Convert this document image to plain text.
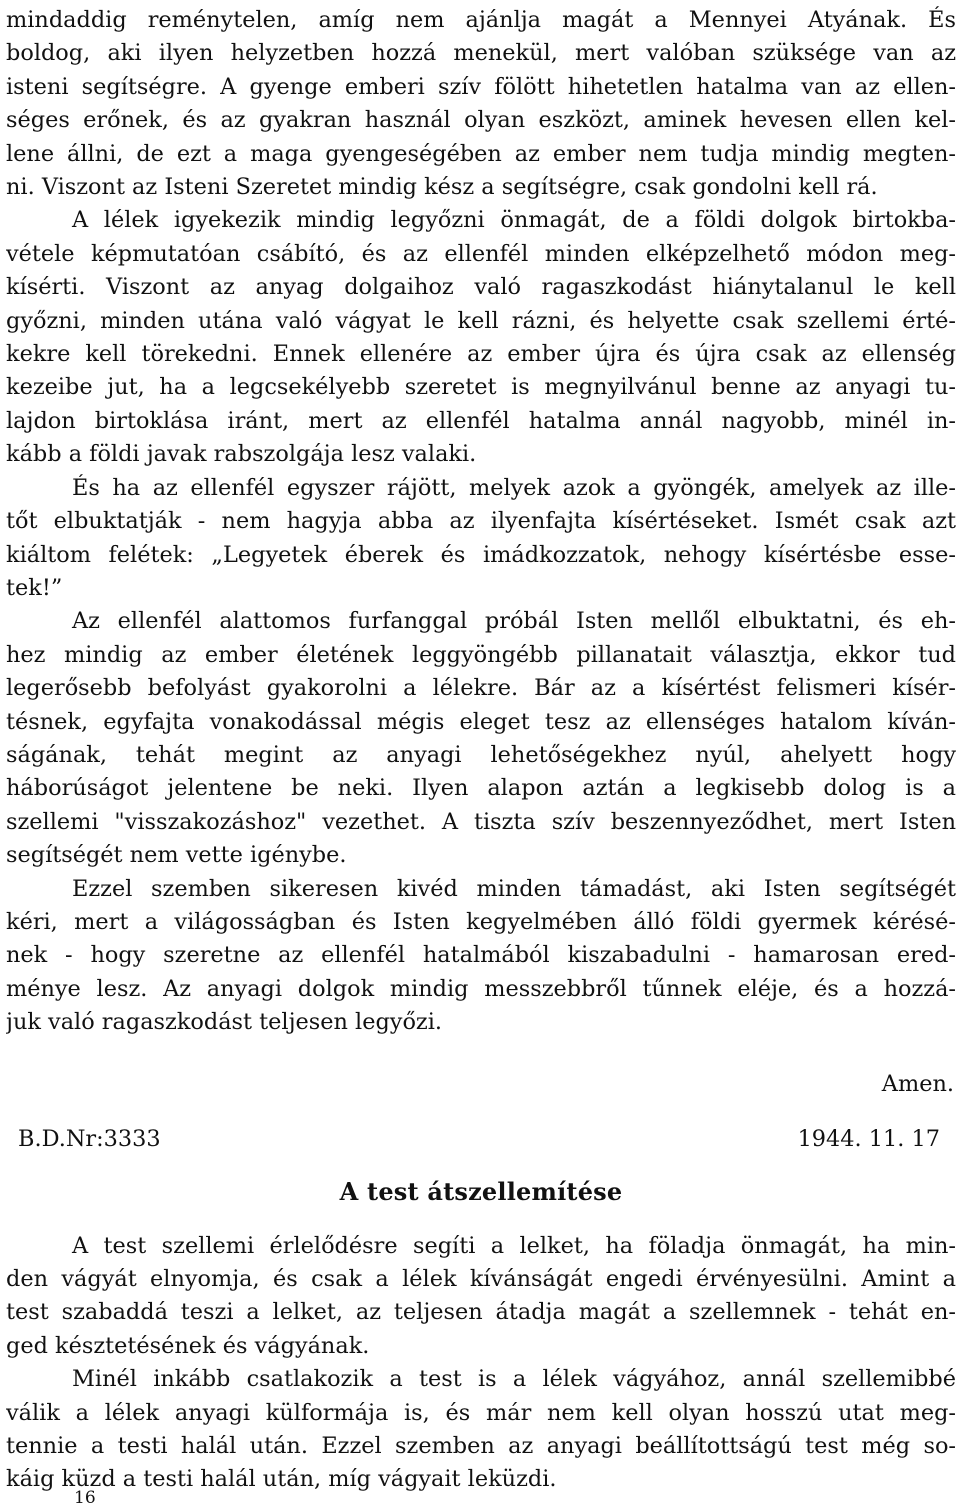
mindaddig reménytelen, amíg nem ajánlja magát a Mennyei Atyának. És
boldog, aki ilyen helyzetben hozzá menekül, mert valóban szüksége van az
isteni segítségre. A gyenge emberi szív fölött hihetetlen hatalma van az ellen-
séges erőnek, és az gyakran használ olyan eszközt, aminek hevesen ellen kel-
lene állni, de ezt a maga gyengeségében az ember nem tudja mindig megten-
ni. Viszont az Isteni Szeretet mindig kész a segítségre, csak gondolni kell rá.
A lélek igyekezik mindig legyőzni önmagát, de a földi dolgok birtokba-
vétele képmutatóan csábító, és az ellenfél minden elképzelhető módon meg-
kísérti. Viszont az anyag dolgaihoz való ragaszkodást hiánytalanul le kell
győzni, minden utána való vágyat le kell rázni, és helyette csak szellemi érté-
kekre kell törekedni. Ennek ellenére az ember újra és újra csak az ellenség
kezeibe jut, ha a legcsekélyebb szeretet is megnyilvánul benne az anyagi tu-
lajdon birtoklása iránt, mert az ellenfél hatalma annál nagyobb, minél in-
kább a földi javak rabszolgája lesz valaki.
És ha az ellenfél egyszer rájött, melyek azok a gyöngék, amelyek az ille-
tőt elbuktatják - nem hagyja abba az ilyenfajta kísértéseket. Ismét csak azt
kiáltom felétek: „Legyetek éberek és imádkozzatok, nehogy kísértésbe esse-
tek!”
Az ellenfél alattomos furfanggal próbál Isten mellől elbuktatni, és eh-
hez mindig az ember életének leggyöngébb pillanatait választja, ekkor tud
legerősebb befolyást gyakorolni a lélekre. Bár az a kísértést felismeri kísér-
tésnek, egyfajta vonakodással mégis eleget tesz az ellenséges hatalom kíván-
ságának, tehát megint az anyagi lehetőségekhez nyúl, ahelyett hogy
háborúságot jelentene be neki. Ilyen alapon aztán a legkisebb dolog is a
szellemi "visszakozáshoz" vezethet. A tiszta szív beszennyeződhet, mert Isten
segítségét nem vette igénybe.
Ezzel szemben sikeresen kivéd minden támadást, aki Isten segítségét
kéri, mert a világosságban és Isten kegyelmében álló földi gyermek kérésé-
nek - hogy szeretne az ellenfél hatalmából kiszabadulni - hamarosan ered-
ménye lesz. Az anyagi dolgok mindig messzebbről tűnnek eléje, és a hozzá-
juk való ragaszkodást teljesen legyőzi.
Amen.
B.D.Nr:3333	1944. 11. 17
A test átszellemítése
A test szellemi érlelődésre segíti a lelket, ha föladja önmagát, ha min-
den vágyát elnyomja, és csak a lélek kívánságát engedi érvényesülni. Amint a
test szabaddá teszi a lelket, az teljesen átadja magát a szellemnek - tehát en-
ged késztetésének és vágyának.
Minél inkább csatlakozik a test is a lélek vágyához, annál szellemibbé
válik a lélek anyagi külformája is, és már nem kell olyan hosszú utat meg-
tennie a testi halál után. Ezzel szemben az anyagi beállítottságú test még so-
káig küzd a testi halál után, míg vágyait leküzdi.
16
